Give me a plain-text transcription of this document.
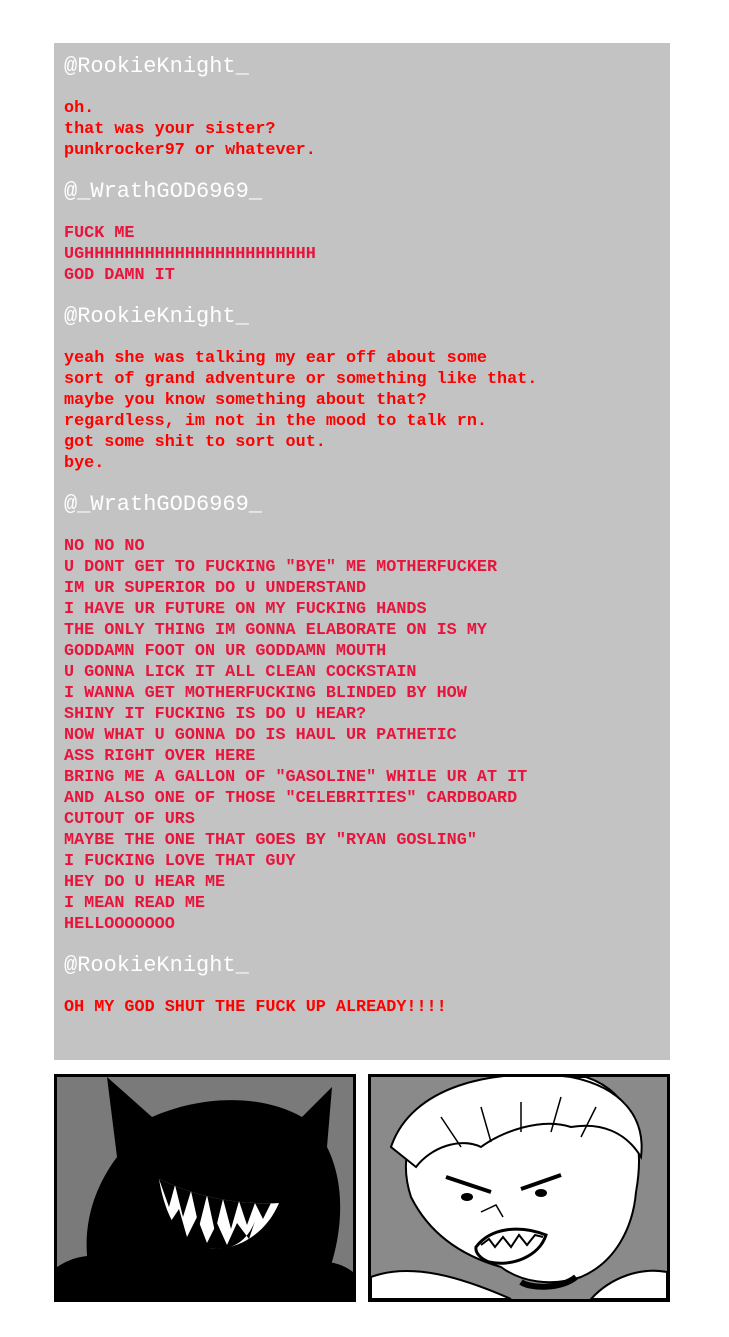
@RookieKnight_
oh.
that was your sister?
punkrocker97 or whatever.
@_WrathGOD6969_
FUCK ME
UGHHHHHHHHHHHHHHHHHHHHHHH
GOD DAMN IT
@RookieKnight_
yeah she was talking my ear off about some
sort of grand adventure or something like that.
maybe you know something about that?
regardless, im not in the mood to talk rn.
got some shit to sort out.
bye.
@_WrathGOD6969_
NO NO NO
U DONT GET TO FUCKING "BYE" ME MOTHERFUCKER
IM UR SUPERIOR DO U UNDERSTAND
I HAVE UR FUTURE ON MY FUCKING HANDS
THE ONLY THING IM GONNA ELABORATE ON IS MY
GODDAMN FOOT ON UR GODDAMN MOUTH
U GONNA LICK IT ALL CLEAN COCKSTAIN
I WANNA GET MOTHERFUCKING BLINDED BY HOW
SHINY IT FUCKING IS DO U HEAR?
NOW WHAT U GONNA DO IS HAUL UR PATHETIC
ASS RIGHT OVER HERE
BRING ME A GALLON OF "GASOLINE" WHILE UR AT IT
AND ALSO ONE OF THOSE "CELEBRITIES" CARDBOARD
CUTOUT OF URS
MAYBE THE ONE THAT GOES BY "RYAN GOSLING"
I FUCKING LOVE THAT GUY
HEY DO U HEAR ME
I MEAN READ ME
HELLOOOOOOO
@RookieKnight_
OH MY GOD SHUT THE FUCK UP ALREADY!!!!
